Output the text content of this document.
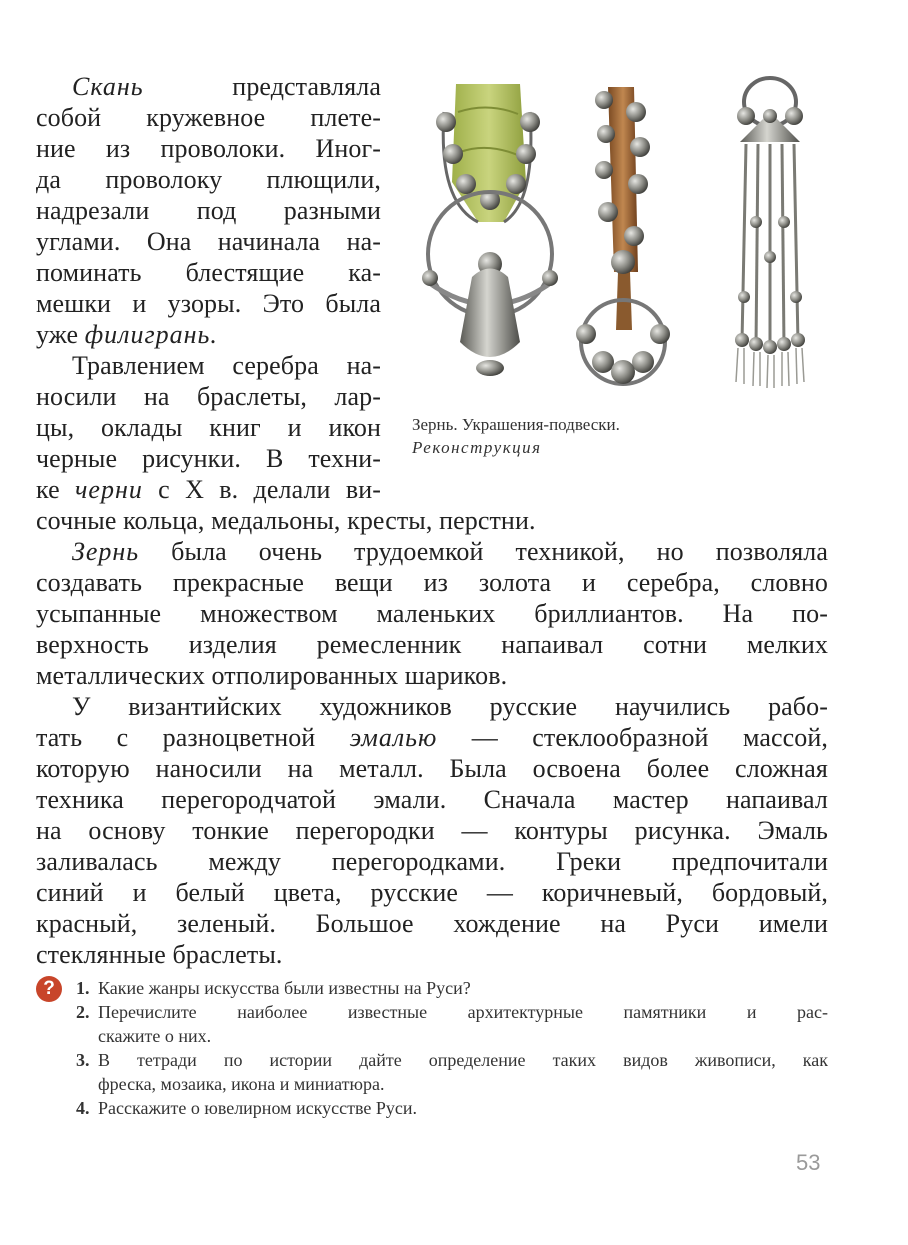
Скань представляла
собой кружевное плете-
ние из проволоки. Иног-
да проволоку плющили,
надрезали под разными
углами. Она начинала на-
поминать блестящие ка-
мешки и узоры. Это была
уже филигрань.
Травлением серебра на-
носили на браслеты, лар-
цы, оклады книг и икон
черные рисунки. В техни-
ке черни с X в. делали ви-
сочные кольца, медальоны, кресты, перстни.
Зернь была очень трудоемкой техникой, но позволяла
создавать прекрасные вещи из золота и серебра, словно
усыпанные множеством маленьких бриллиантов. На по-
верхность изделия ремесленник напаивал сотни мелких
металлических отполированных шариков.
У византийских художников русские научились рабо-
тать с разноцветной эмалью — стеклообразной массой,
которую наносили на металл. Была освоена более сложная
техника перегородчатой эмали. Сначала мастер напаивал
на основу тонкие перегородки — контуры рисунка. Эмаль
заливалась между перегородками. Греки предпочитали
синий и белый цвета, русские — коричневый, бордовый,
красный, зеленый. Большое хождение на Руси имели
стеклянные браслеты.
Зернь. Украшения-подвески.
Реконструкция
?	1. Какие жанры искусства были известны на Руси?
2. Перечислите наиболее известные архитектурные памятники и рас-
скажите о них.
3. В тетради по истории дайте определение таких видов живописи, как
фреска, мозаика, икона и миниатюра.
4. Расскажите о ювелирном искусстве Руси.
53
